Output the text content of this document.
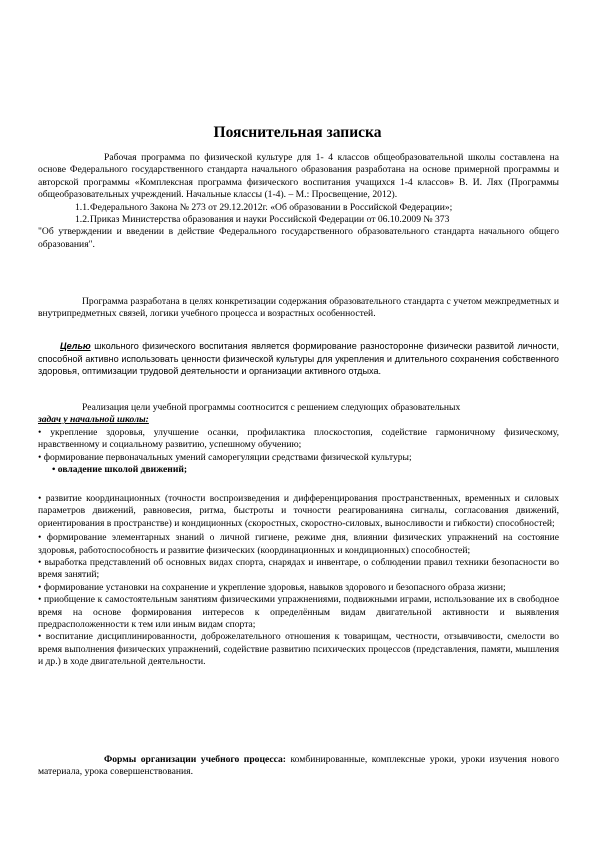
Пояснительная записка

Рабочая программа по физической культуре для 1- 4 классов общеобразовательной школы составлена на основе Федерального государственного стандарта начального образования разработана на основе примерной программы и авторской программы «Комплексная программа физического воспитания учащихся 1-4 классов» В. И. Лях (Программы общеобразовательных учреждений. Начальные классы (1-4). – М.: Просвещение, 2012).

1.1. Федерального Закона № 273 от 29.12.2012г. «Об образовании в Российской Федерации»;
1.2. Приказ Министерства образования и науки Российской Федерации от 06.10.2009 № 373

"Об утверждении и введении в действие Федерального государственного образовательного стандарта начального общего образования".

Программа разработана в целях конкретизации содержания образовательного стандарта с учетом межпредметных и внутрипредметных связей, логики учебного процесса и возрастных особенностей.

Целью школьного физического воспитания является формирование разносторонне физически развитой личности, способной активно использовать ценности физической культуры для укрепления и длительного сохранения собственного здоровья, оптимизации трудовой деятельности и организации активного отдыха.

Реализация цели учебной программы соотносится с решением следующих образовательных

задач у начальной школы:

• укрепление здоровья, улучшение осанки, профилактика плоскостопия, содействие гармоничному физическому, нравственному и социальному развитию, успешному обучению;

• формирование первоначальных умений саморегуляции средствами физической культуры;

• овладение школой движений;

• развитие координационных (точности воспроизведения и дифференцирования пространственных, временных и силовых параметров движений, равновесия, ритма, быстроты и точности реагированияна сигналы, согласования движений, ориентирования в пространстве) и кондиционных (скоростных, скоростно-силовых, выносливости и гибкости) способностей;

• формирование элементарных знаний о личной гигиене, режиме дня, влиянии физических упражнений на состояние здоровья, работоспособность и развитие физических (координационных и кондиционных) способностей;

• выработка представлений об основных видах спорта, снарядах и инвентаре, о соблюдении правил техники безопасности во время занятий;

• формирование установки на сохранение и укрепление здоровья, навыков здорового и безопасного образа жизни;

• приобщение к самостоятельным занятиям физическими упражнениями, подвижными играми, использование их в свободное время на основе формирования интересов к определённым видам двигательной активности и выявления предрасположенности к тем или иным видам спорта;

• воспитание дисциплинированности, доброжелательного отношения к товарищам, честности, отзывчивости, смелости во время выполнения физических упражнений, содействие развитию психических процессов (представления, памяти, мышления и др.) в ходе двигательной деятельности.

Формы организации учебного процесса: комбинированные, комплексные уроки, уроки изучения нового материала, урока совершенствования.
